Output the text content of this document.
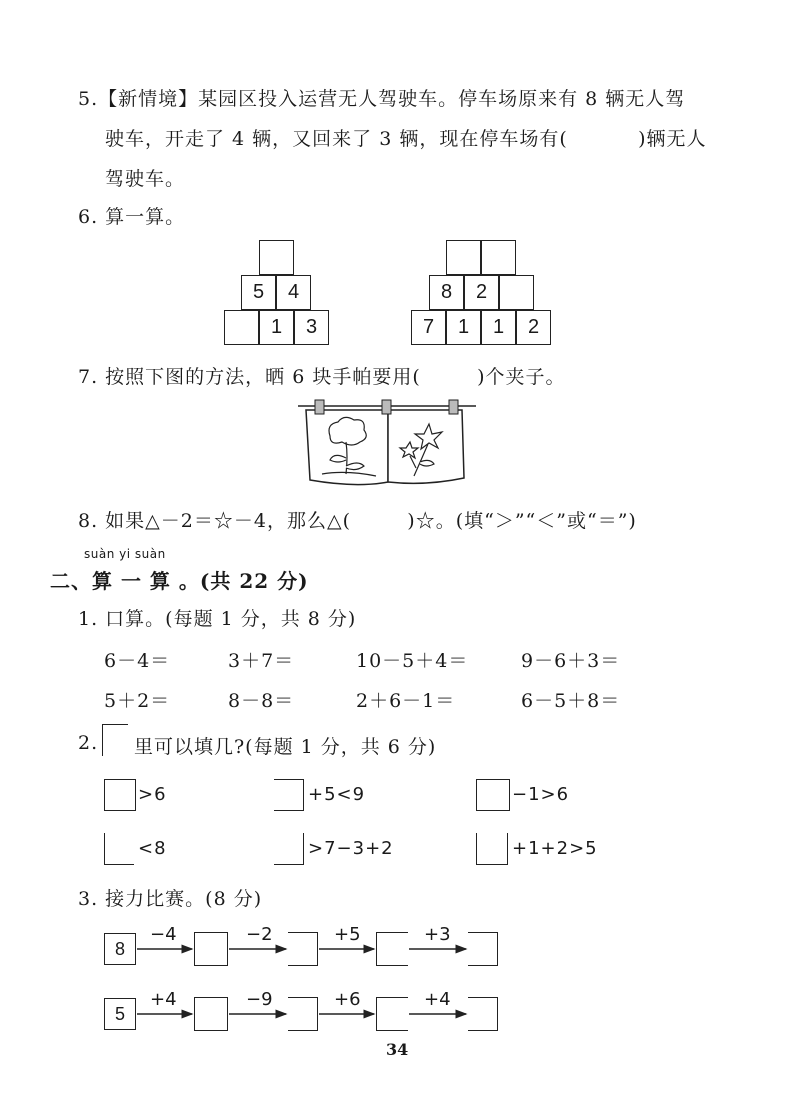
5.【新情境】某园区投入运营无人驾驶车。停车场原来有 8 辆无人驾
驶车，开走了 4 辆，又回来了 3 辆，现在停车场有(          )辆无人
驾驶车。
6. 算一算。
5	4
1	3
8	2
7	1	1	2
7. 按照下图的方法，晒 6 块手帕要用(        )个夹子。
8. 如果△－2＝☆－4，那么△(        )☆。(填“＞”“＜”或“＝”)
suàn yi suàn
二、算 一 算 。(共 22 分)
1. 口算。(每题 1 分，共 8 分)
6－4＝	3＋7＝	10－5＋4＝	9－6＋3＝
5＋2＝	8－8＝	2＋6－1＝	6－5＋8＝
2. 里可以填几?(每题 1 分，共 6 分)
>6	+5<9	−1>6
<8	>7−3+2	+1+2>5
3. 接力比赛。(8 分)
8
−4	−2	+5	+3
5
+4	−9	+6	+4
34
